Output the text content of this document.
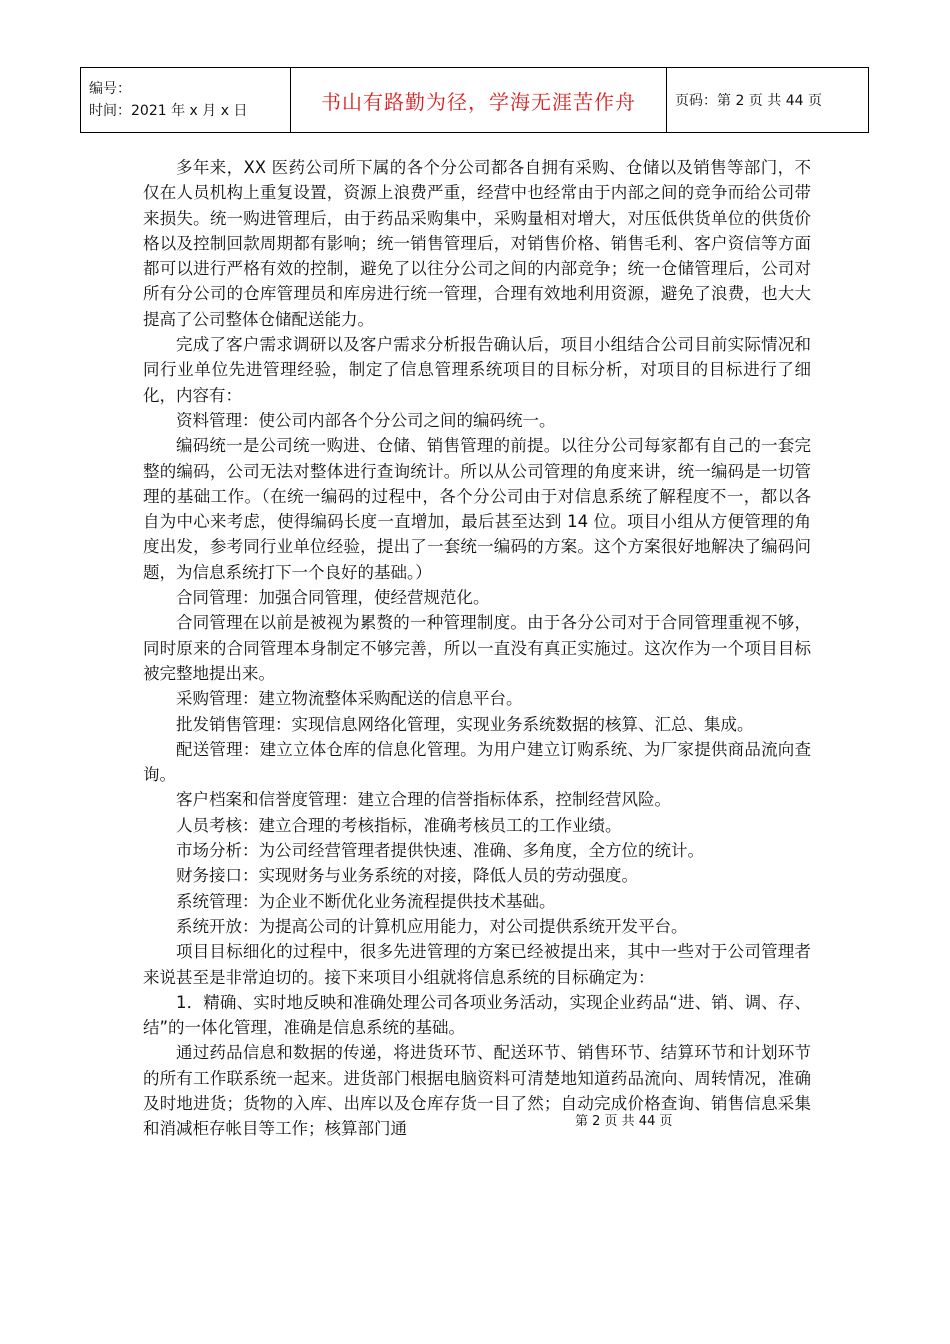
编号：
时间：2021 年 x 月 x 日	书山有路勤为径，学海无涯苦作舟	页码：第 2 页 共 44 页

多年来，XX 医药公司所下属的各个分公司都各自拥有采购、仓储以及销售等部门，不仅在人员机构上重复设置，资源上浪费严重，经营中也经常由于内部之间的竞争而给公司带来损失。统一购进管理后，由于药品采购集中，采购量相对增大，对压低供货单位的供货价格以及控制回款周期都有影响；统一销售管理后，对销售价格、销售毛利、客户资信等方面都可以进行严格有效的控制，避免了以往分公司之间的内部竞争；统一仓储管理后，公司对所有分公司的仓库管理员和库房进行统一管理，合理有效地利用资源，避免了浪费，也大大提高了公司整体仓储配送能力。

完成了客户需求调研以及客户需求分析报告确认后，项目小组结合公司目前实际情况和同行业单位先进管理经验，制定了信息管理系统项目的目标分析，对项目的目标进行了细化，内容有：

资料管理：使公司内部各个分公司之间的编码统一。

编码统一是公司统一购进、仓储、销售管理的前提。以往分公司每家都有自己的一套完整的编码，公司无法对整体进行查询统计。所以从公司管理的角度来讲，统一编码是一切管理的基础工作。（在统一编码的过程中，各个分公司由于对信息系统了解程度不一，都以各自为中心来考虑，使得编码长度一直增加，最后甚至达到 14 位。项目小组从方便管理的角度出发，参考同行业单位经验，提出了一套统一编码的方案。这个方案很好地解决了编码问题，为信息系统打下一个良好的基础。）

合同管理：加强合同管理，使经营规范化。

合同管理在以前是被视为累赘的一种管理制度。由于各分公司对于合同管理重视不够，同时原来的合同管理本身制定不够完善，所以一直没有真正实施过。这次作为一个项目目标被完整地提出来。

采购管理：建立物流整体采购配送的信息平台。

批发销售管理：实现信息网络化管理，实现业务系统数据的核算、汇总、集成。

配送管理：建立立体仓库的信息化管理。为用户建立订购系统、为厂家提供商品流向查询。

客户档案和信誉度管理：建立合理的信誉指标体系，控制经营风险。

人员考核：建立合理的考核指标，准确考核员工的工作业绩。

市场分析：为公司经营管理者提供快速、准确、多角度，全方位的统计。

财务接口：实现财务与业务系统的对接，降低人员的劳动强度。

系统管理：为企业不断优化业务流程提供技术基础。

系统开放：为提高公司的计算机应用能力，对公司提供系统开发平台。

项目目标细化的过程中，很多先进管理的方案已经被提出来，其中一些对于公司管理者来说甚至是非常迫切的。接下来项目小组就将信息系统的目标确定为：

1．精确、实时地反映和准确处理公司各项业务活动，实现企业药品“进、销、调、存、结”的一体化管理，准确是信息系统的基础。

通过药品信息和数据的传递，将进货环节、配送环节、销售环节、结算环节和计划环节的所有工作联系统一起来。进货部门根据电脑资料可清楚地知道药品流向、周转情况，准确及时地进货；货物的入库、出库以及仓库存货一目了然；自动完成价格查询、销售信息采集和消减柜存帐目等工作；核算部门通	第 2 页 共 44 页
